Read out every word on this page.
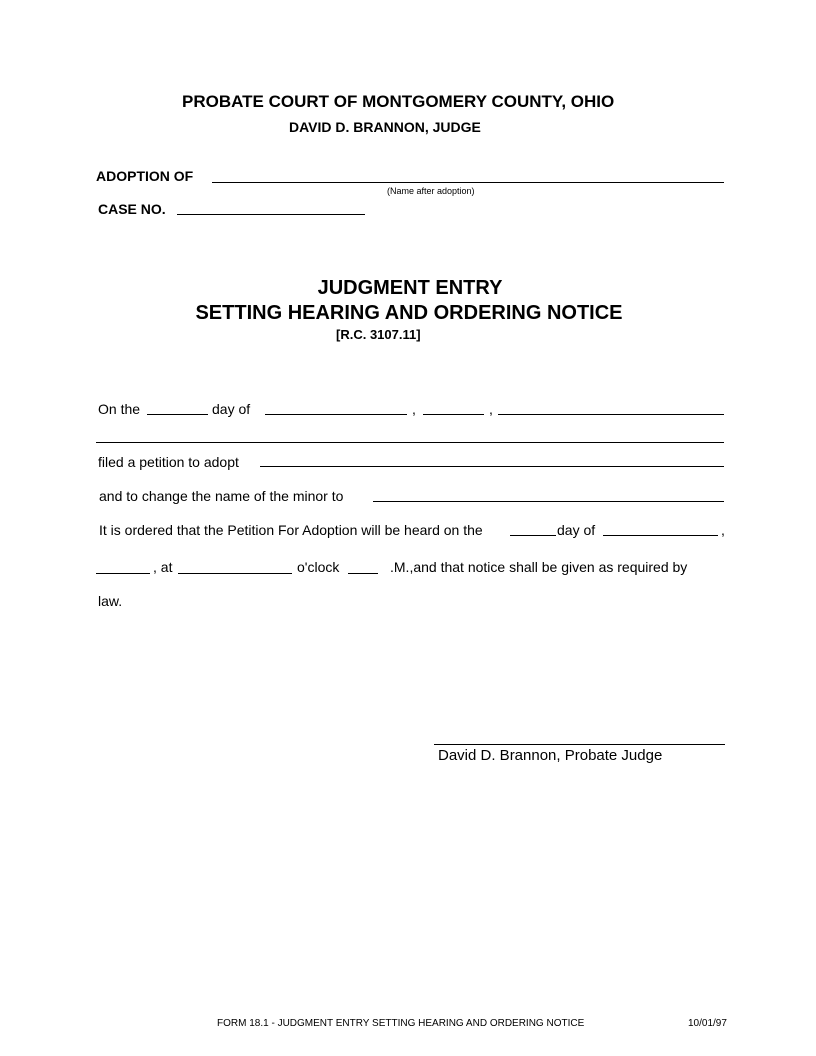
PROBATE COURT OF MONTGOMERY COUNTY, OHIO
DAVID D. BRANNON, JUDGE
ADOPTION OF
(Name after adoption)
CASE NO.
JUDGMENT ENTRY
SETTING HEARING AND ORDERING NOTICE
[R.C. 3107.11]
On the	day of	,	,
filed a petition to adopt
and to change the name of the minor to
It is ordered that the Petition For Adoption will be heard on the	day of	,
, at	o'clock	.M.,and that notice shall be given as required by
law.
David D. Brannon, Probate Judge
FORM 18.1 - JUDGMENT ENTRY SETTING HEARING AND ORDERING NOTICE	10/01/97
